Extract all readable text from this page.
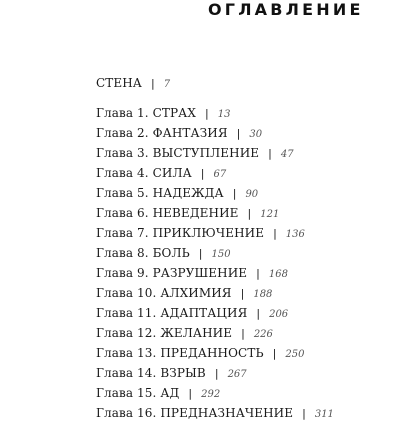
ОГЛАВЛЕНИЕ
СТЕНА | 7
Глава 1. СТРАХ | 13
Глава 2. ФАНТАЗИЯ | 30
Глава 3. ВЫСТУПЛЕНИЕ | 47
Глава 4. СИЛА | 67
Глава 5. НАДЕЖДА | 90
Глава 6. НЕВЕДЕНИЕ | 121
Глава 7. ПРИКЛЮЧЕНИЕ | 136
Глава 8. БОЛЬ | 150
Глава 9. РАЗРУШЕНИЕ | 168
Глава 10. АЛХИМИЯ | 188
Глава 11. АДАПТАЦИЯ | 206
Глава 12. ЖЕЛАНИЕ | 226
Глава 13. ПРЕДАННОСТЬ | 250
Глава 14. ВЗРЫВ | 267
Глава 15. АД | 292
Глава 16. ПРЕДНАЗНАЧЕНИЕ | 311
